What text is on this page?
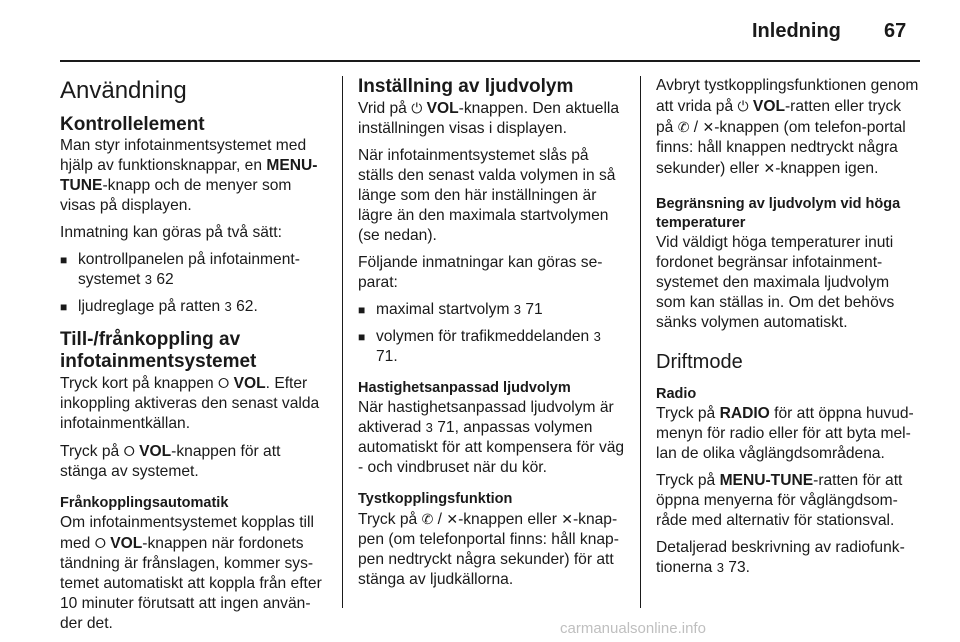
Inledning 67
Användning
Kontrollelement

Man styr infotainmentsystemet med hjälp av funktionsknappar, en MENU-TUNE-knapp och de menyer som visas på displayen.

Inmatning kan göras på två sätt:

■ kontrollpanelen på infotainment-systemet 3 62
■ ljudreglage på ratten 3 62.
Till-/frånkoppling av infotainmentsystemet

Tryck kort på knappen ⭘ VOL. Efter inkoppling aktiveras den senast valda infotainmentkällan.

Tryck på ⭘ VOL-knappen för att stänga av systemet.

Frånkopplingsautomatik

Om infotainmentsystemet kopplas till med ⭘ VOL-knappen när fordonets tändning är frånslagen, kommer sys-temet automatiskt att koppla från efter 10 minuter förutsatt att ingen använ-der det.

Inställning av ljudvolym

Vrid på ⏻ VOL-knappen. Den aktuella inställningen visas i displayen.

När infotainmentsystemet slås på ställs den senast valda volymen in så länge som den här inställningen är lägre än den maximala startvolymen (se nedan).

Följande inmatningar kan göras se-parat:

■ maximal startvolym 3 71
■ volymen för trafikmeddelanden 3 71.
Hastighetsanpassad ljudvolym

När hastighetsanpassad ljudvolym är aktiverad 3 71, anpassas volymen automatiskt för att kompensera för väg - och vindbruset när du kör.

Tystkopplingsfunktion

Tryck på ✆ / ✕-knappen eller ✕-knap-pen (om telefonportal finns: håll knap-pen nedtryckt några sekunder) för att stänga av ljudkällorna.

Avbryt tystkopplingsfunktionen genom att vrida på ⏻ VOL-ratten eller tryck på ✆ / ✕-knappen (om telefon-portal finns: håll knappen nedtryckt några sekunder) eller ✕-knappen igen.

Begränsning av ljudvolym vid höga temperaturer

Vid väldigt höga temperaturer inuti fordonet begränsar infotainment-systemet den maximala ljudvolym som kan ställas in. Om det behövs sänks volymen automatiskt.

Driftmode
Radio

Tryck på RADIO för att öppna huvud-menyn för radio eller för att byta mel-lan de olika våglängdsområdena.

Tryck på MENU-TUNE-ratten för att öppna menyerna för våglängdsom-råde med alternativ för stationsval.

Detaljerad beskrivning av radiofunk-tionerna 3 73.

carmanualsonline.info
